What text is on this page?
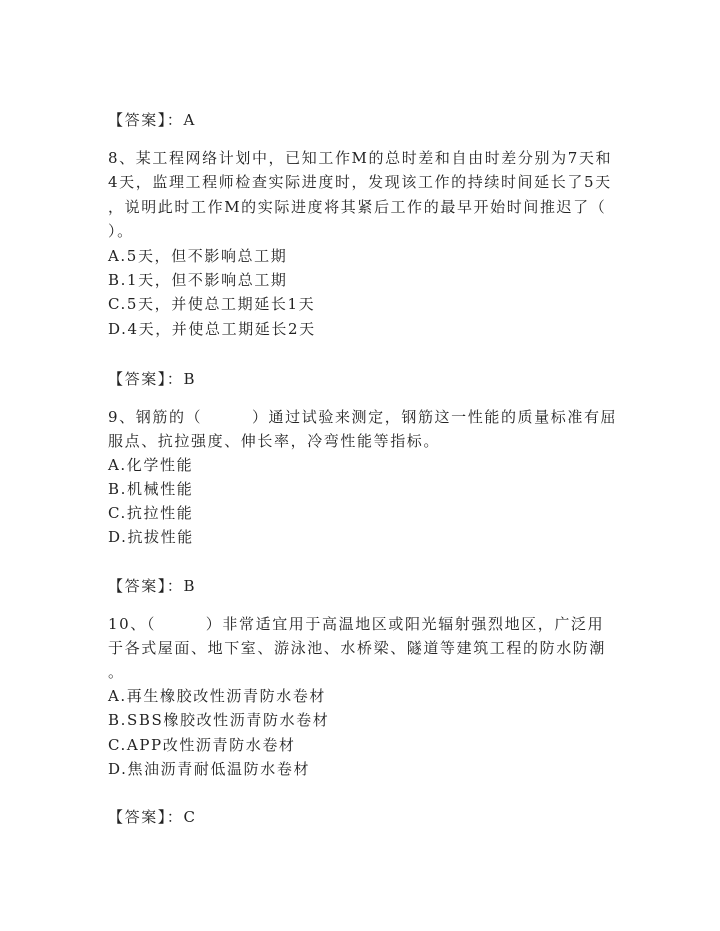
【答案】：A
8、某工程网络计划中，已知工作M的总时差和自由时差分别为7天和
4天，监理工程师检查实际进度时，发现该工作的持续时间延长了5天
，说明此时工作M的实际进度将其紧后工作的最早开始时间推迟了（
）。
A.5天，但不影响总工期
B.1天，但不影响总工期
C.5天，并使总工期延长1天
D.4天，并使总工期延长2天
【答案】：B
9、钢筋的（　　　）通过试验来测定，钢筋这一性能的质量标准有屈
服点、抗拉强度、伸长率，冷弯性能等指标。
A.化学性能
B.机械性能
C.抗拉性能
D.抗拔性能
【答案】：B
10、（　　　）非常适宜用于高温地区或阳光辐射强烈地区，广泛用
于各式屋面、地下室、游泳池、水桥梁、隧道等建筑工程的防水防潮
。
A.再生橡胶改性沥青防水卷材
B.SBS橡胶改性沥青防水卷材
C.APP改性沥青防水卷材
D.焦油沥青耐低温防水卷材
【答案】：C
